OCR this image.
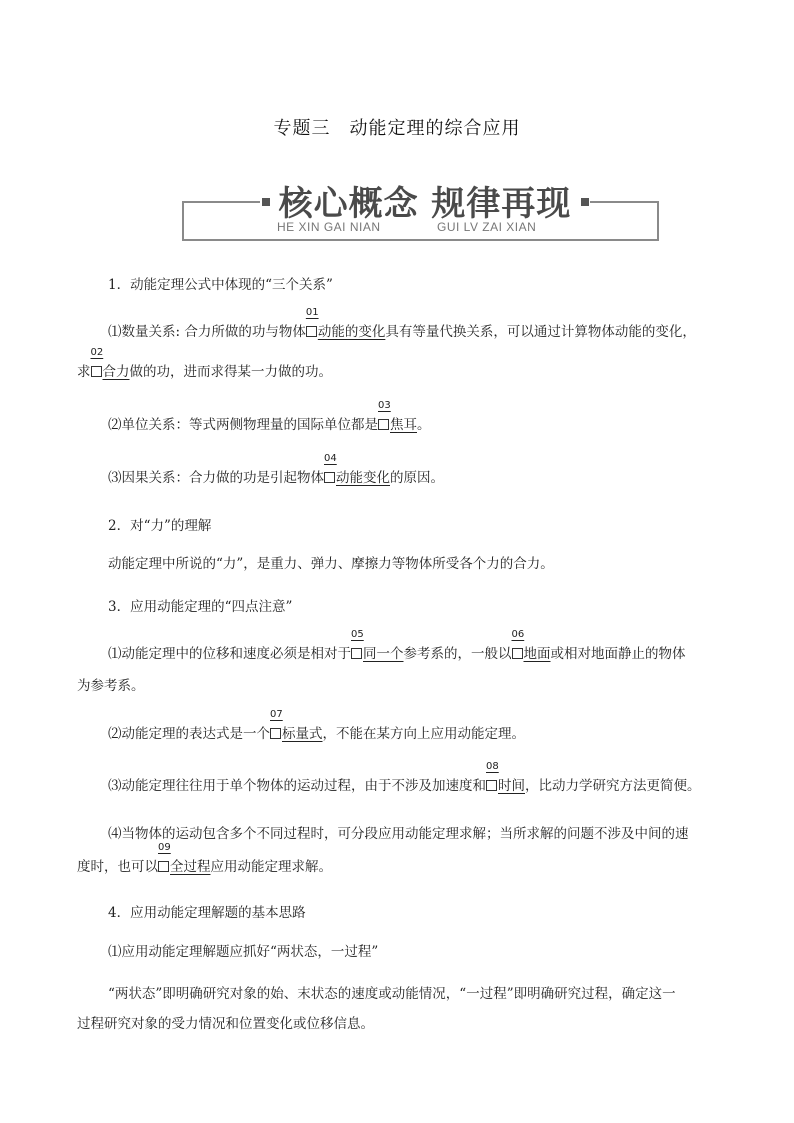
专题三　动能定理的综合应用
核心概念 规律再现
HE XIN GAI NIAN	GUI LV ZAI XIAN
1．动能定理公式中体现的“三个关系”
⑴数量关系: 合力所做的功与物体
01
动能的变化具有等量代换关系，可以通过计算物体动能的变化，
求
02
合力做的功，进而求得某一力做的功。
⑵单位关系：等式两侧物理量的国际单位都是
03
焦耳。
⑶因果关系：合力做的功是引起物体
04
动能变化的原因。
2．对“力”的理解
动能定理中所说的“力”，是重力、弹力、摩擦力等物体所受各个力的合力。
3．应用动能定理的“四点注意”
⑴动能定理中的位移和速度必须是相对于
05
同一个参考系的，一般以
06
地面或相对地面静止的物体
为参考系。
⑵动能定理的表达式是一个
07
标量式，不能在某方向上应用动能定理。
⑶动能定理往往用于单个物体的运动过程，由于不涉及加速度和
08
时间，比动力学研究方法更简便。
⑷当物体的运动包含多个不同过程时，可分段应用动能定理求解；当所求解的问题不涉及中间的速
度时，也可以
09
全过程应用动能定理求解。
4．应用动能定理解题的基本思路
⑴应用动能定理解题应抓好“两状态，一过程”
“两状态”即明确研究对象的始、末状态的速度或动能情况，“一过程”即明确研究过程，确定这一
过程研究对象的受力情况和位置变化或位移信息。
